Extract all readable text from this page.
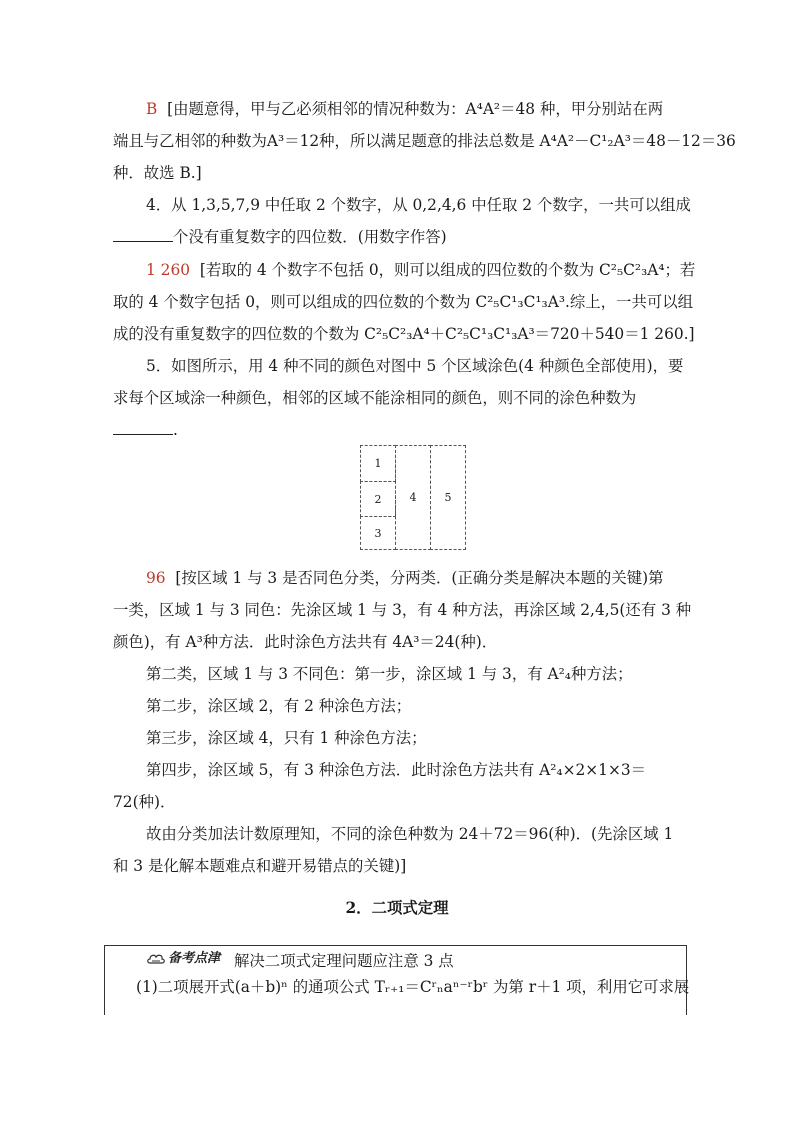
B [由题意得，甲与乙必须相邻的情况种数为：A⁴A²＝48 种，甲分别站在两
端且与乙相邻的种数为A³＝12种，所以满足题意的排法总数是 A⁴A²－C¹₂A³＝48－12＝36
种．故选 B.]
4．从 1,3,5,7,9 中任取 2 个数字，从 0,2,4,6 中任取 2 个数字，一共可以组成
个没有重复数字的四位数．(用数字作答)
1 260 [若取的 4 个数字不包括 0，则可以组成的四位数的个数为 C²₅C²₃A⁴；若
取的 4 个数字包括 0，则可以组成的四位数的个数为 C²₅C¹₃C¹₃A³.综上，一共可以组
成的没有重复数字的四位数的个数为 C²₅C²₃A⁴＋C²₅C¹₃C¹₃A³＝720＋540＝1 260.]
5．如图所示，用 4 种不同的颜色对图中 5 个区域涂色(4 种颜色全部使用)，要
求每个区域涂一种颜色，相邻的区域不能涂相同的颜色，则不同的涂色种数为
.
1
2
3
4	5
96 [按区域 1 与 3 是否同色分类，分两类．(正确分类是解决本题的关键)第
一类，区域 1 与 3 同色：先涂区域 1 与 3，有 4 种方法，再涂区域 2,4,5(还有 3 种
颜色)，有 A³种方法．此时涂色方法共有 4A³＝24(种)．
第二类，区域 1 与 3 不同色：第一步，涂区域 1 与 3，有 A²₄种方法；
第二步，涂区域 2，有 2 种涂色方法；
第三步，涂区域 4，只有 1 种涂色方法；
第四步，涂区域 5，有 3 种涂色方法．此时涂色方法共有 A²₄×2×1×3＝
72(种)．
故由分类加法计数原理知，不同的涂色种数为 24＋72＝96(种)．(先涂区域 1
和 3 是化解本题难点和避开易错点的关键)]
2．二项式定理
备考点津 解决二项式定理问题应注意 3 点
(1)二项展开式(a＋b)ⁿ 的通项公式 Tᵣ₊₁＝Cʳₙaⁿ⁻ʳbʳ 为第 r＋1 项，利用它可求展
